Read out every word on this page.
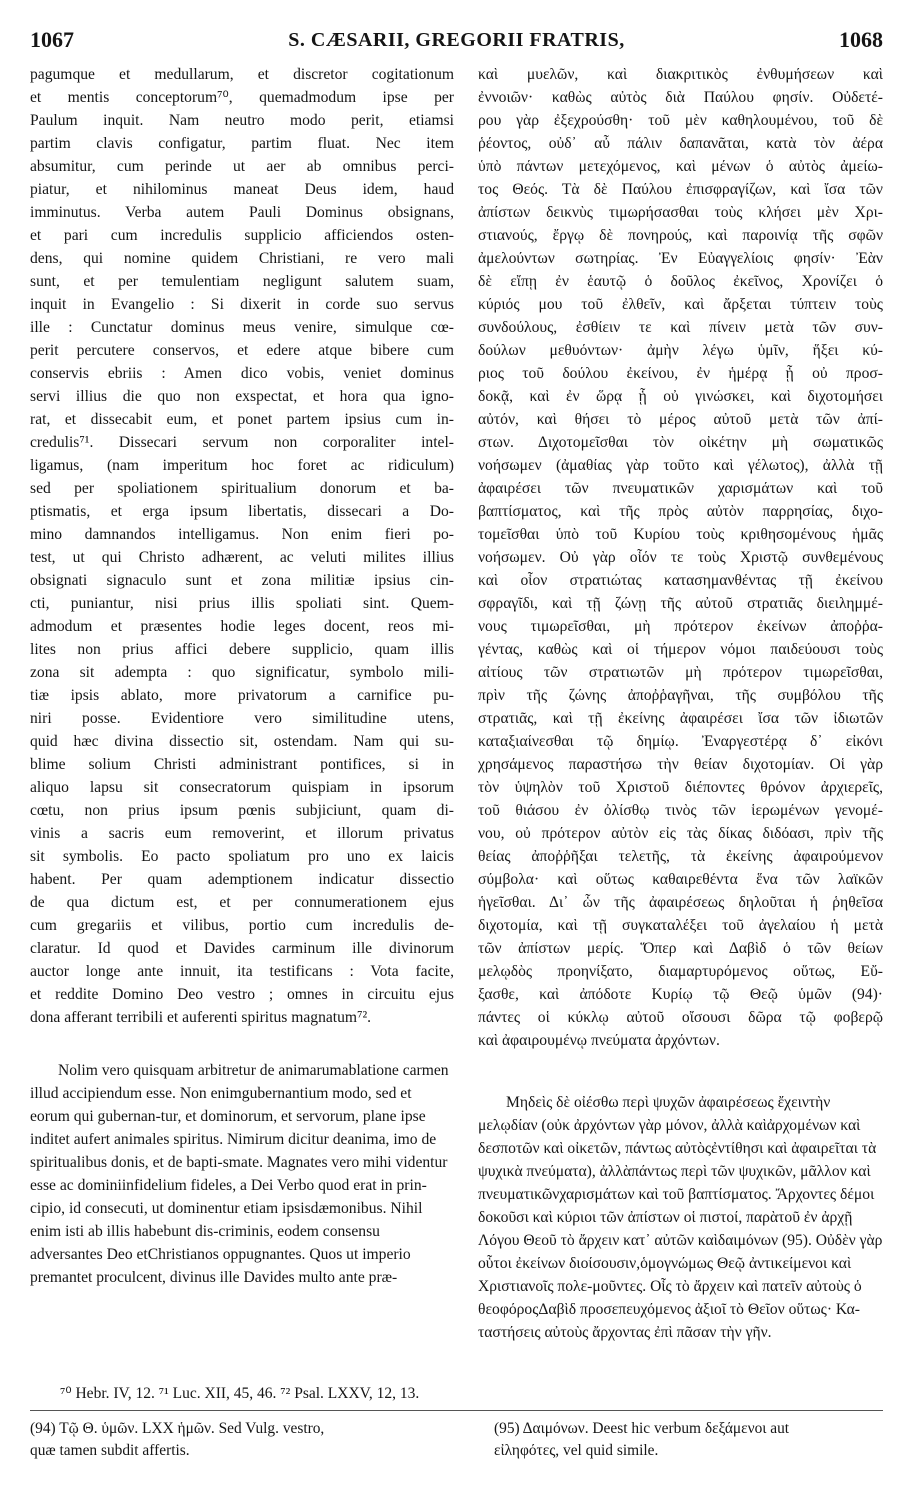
1067	S. CÆSARII, GREGORII FRATRIS,	1068

pagumque et medullarum, et discretor cogitationum
et mentis conceptorum⁷⁰, quemadmodum ipse per
Paulum inquit. Nam neutro modo perit, etiamsi
partim clavis configatur, partim fluat. Nec item
absumitur, cum perinde ut aer ab omnibus perci-
piatur, et nihilominus maneat Deus idem, haud
imminutus. Verba autem Pauli Dominus obsignans,
et pari cum incredulis supplicio afficiendos osten-
dens, qui nomine quidem Christiani, re vero mali
sunt, et per temulentiam negligunt salutem suam,
inquit in Evangelio : Si dixerit in corde suo servus
ille : Cunctatur dominus meus venire, simulque cœ-
perit percutere conservos, et edere atque bibere cum
conservis ebriis : Amen dico vobis, veniet dominus
servi illius die quo non exspectat, et hora qua igno-
rat, et dissecabit eum, et ponet partem ipsius cum in-
credulis⁷¹. Dissecari servum non corporaliter intel-
ligamus, (nam imperitum hoc foret ac ridiculum)
sed per spoliationem spiritualium donorum et ba-
ptismatis, et erga ipsum libertatis, dissecari a Do-
mino damnandos intelligamus. Non enim fieri po-
test, ut qui Christo adhærent, ac veluti milites illius
obsignati signaculo sunt et zona militiæ ipsius cin-
cti, puniantur, nisi prius illis spoliati sint. Quem-
admodum et præsentes hodie leges docent, reos mi-
lites non prius affici debere supplicio, quam illis
zona sit adempta : quo significatur, symbolo mili-
tiæ ipsis ablato, more privatorum a carnifice pu-
niri posse. Evidentiore vero similitudine utens,
quid hæc divina dissectio sit, ostendam. Nam qui su-
blime solium Christi administrant pontifices, si in
aliquo lapsu sit consecratorum quispiam in ipsorum
cœtu, non prius ipsum pœnis subjiciunt, quam di-
vinis a sacris eum removerint, et illorum privatus
sit symbolis. Eo pacto spoliatum pro uno ex laicis
habent. Per quam ademptionem indicatur dissectio
de qua dictum est, et per connumerationem ejus
cum gregariis et vilibus, portio cum incredulis de-
claratur. Id quod et Davides carminum ille divinorum
auctor longe ante innuit, ita testificans : Vota facite,
et reddite Domino Deo vestro ; omnes in circuitu ejus
dona afferant terribili et auferenti spiritus magnatum⁷².

Nolim vero quisquam arbitretur de animarumablatione carmen illud accipiendum esse. Non enimgubernantium modo, sed et eorum qui gubernan-tur, et dominorum, et servorum, plane ipse inditet aufert animales spiritus. Nimirum dicitur deanima, imo de spiritualibus donis, et de bapti-smate. Magnates vero mihi videntur esse ac dominiinfidelium fideles, a Dei Verbo quod erat in prin-cipio, id consecuti, ut dominentur etiam ipsisdæmonibus. Nihil enim isti ab illis habebunt dis-criminis, eodem consensu adversantes Deo etChristianos oppugnantes. Quos ut imperio premantet proculcent, divinus ille Davides multo ante præ-

καὶ μυελῶν, καὶ διακριτικὸς ἐνθυμήσεων καὶ
ἐννοιῶν· καθὼς αὐτὸς διὰ Παύλου φησίν. Οὐδετέ-
ρου γὰρ ἐξεχρούσθη· τοῦ μὲν καθηλουμένου, τοῦ δὲ
ῥέοντος, οὐδ᾽ αὖ πάλιν δαπανᾶται, κατὰ τὸν ἀέρα
ὑπὸ πάντων μετεχόμενος, καὶ μένων ὁ αὐτὸς ἀμείω-
τος Θεός. Τὰ δὲ Παύλου ἐπισφραγίζων, καὶ ἴσα τῶν
ἀπίστων δεικνὺς τιμωρήσασθαι τοὺς κλήσει μὲν Χρι-
στιανούς, ἔργῳ δὲ πονηρούς, καὶ παροινίᾳ τῆς σφῶν
ἀμελούντων σωτηρίας. Ἐν Εὐαγγελίοις φησίν· Ἐὰν
δὲ εἴπῃ ἐν ἑαυτῷ ὁ δοῦλος ἐκεῖνος, Χρονίζει ὁ
κύριός μου τοῦ ἐλθεῖν, καὶ ἄρξεται τύπτειν τοὺς
συνδούλους, ἐσθίειν τε καὶ πίνειν μετὰ τῶν συν-
δούλων μεθυόντων· ἀμὴν λέγω ὑμῖν, ἥξει κύ-
ριος τοῦ δούλου ἐκείνου, ἐν ἡμέρᾳ ᾗ οὐ προσ-
δοκᾷ, καὶ ἐν ὥρᾳ ᾗ οὐ γινώσκει, καὶ διχοτομήσει
αὐτόν, καὶ θήσει τὸ μέρος αὐτοῦ μετὰ τῶν ἀπί-
στων. Διχοτομεῖσθαι τὸν οἰκέτην μὴ σωματικῶς
νοήσωμεν (ἀμαθίας γὰρ τοῦτο καὶ γέλωτος), ἀλλὰ τῇ
ἀφαιρέσει τῶν πνευματικῶν χαρισμάτων καὶ τοῦ
βαπτίσματος, καὶ τῆς πρὸς αὐτὸν παρρησίας, διχο-
τομεῖσθαι ὑπὸ τοῦ Κυρίου τοὺς κριθησομένους ἡμᾶς
νοήσωμεν. Οὐ γὰρ οἷόν τε τοὺς Χριστῷ συνθεμένους
καὶ οἷον στρατιώτας κατασημανθέντας τῇ ἐκείνου
σφραγῖδι, καὶ τῇ ζώνῃ τῆς αὐτοῦ στρατιᾶς διειλημμέ-
νους τιμωρεῖσθαι, μὴ πρότερον ἐκείνων ἀποῤῥα-
γέντας, καθὼς καὶ οἱ τήμερον νόμοι παιδεύουσι τοὺς
αἰτίους τῶν στρατιωτῶν μὴ πρότερον τιμωρεῖσθαι,
πρὶν τῆς ζώνης ἀποῤῥαγῆναι, τῆς συμβόλου τῆς
στρατιᾶς, καὶ τῇ ἐκείνης ἀφαιρέσει ἴσα τῶν ἰδιωτῶν
καταξιαίνεσθαι τῷ δημίῳ. Ἐναργεστέρᾳ δ᾽ εἰκόνι
χρησάμενος παραστήσω τὴν θείαν διχοτομίαν. Οἱ γὰρ
τὸν ὑψηλὸν τοῦ Χριστοῦ διέποντες θρόνον ἀρχιερεῖς,
τοῦ θιάσου ἐν ὀλίσθῳ τινὸς τῶν ἱερωμένων γενομέ-
νου, οὐ πρότερον αὐτὸν εἰς τὰς δίκας διδόασι, πρὶν τῆς
θείας ἀποῤῥῆξαι τελετῆς, τὰ ἐκείνης ἀφαιρούμενον
σύμβολα· καὶ οὕτως καθαιρεθέντα ἕνα τῶν λαϊκῶν
ἡγεῖσθαι. Δι᾽ ὧν τῆς ἀφαιρέσεως δηλοῦται ἡ ῥηθεῖσα
διχοτομία, καὶ τῇ συγκαταλέξει τοῦ ἀγελαίου ἡ μετὰ
τῶν ἀπίστων μερίς. Ὅπερ καὶ Δαβὶδ ὁ τῶν θείων
μελῳδὸς προηνίξατο, διαμαρτυρόμενος οὕτως, Εὔ-
ξασθε, καὶ ἀπόδοτε Κυρίῳ τῷ Θεῷ ὑμῶν (94)·
πάντες οἱ κύκλῳ αὐτοῦ οἴσουσι δῶρα τῷ φοβερῷ
καὶ ἀφαιρουμένῳ πνεύματα ἀρχόντων.

Μηδεὶς δὲ οἰέσθω περὶ ψυχῶν ἀφαιρέσεως ἔχειντὴν μελῳδίαν (οὐκ ἀρχόντων γὰρ μόνον, ἀλλὰ καὶἀρχομένων καὶ δεσποτῶν καὶ οἰκετῶν, πάντως αὐτὸςἐντίθησι καὶ ἀφαιρεῖται τὰ ψυχικὰ πνεύματα), ἀλλὰπάντως περὶ τῶν ψυχικῶν, μᾶλλον καὶ πνευματικῶνχαρισμάτων καὶ τοῦ βαπτίσματος. Ἄρχοντες δέμοι δοκοῦσι καὶ κύριοι τῶν ἀπίστων οἱ πιστοί, παρὰτοῦ ἐν ἀρχῇ Λόγου Θεοῦ τὸ ἄρχειν κατ᾽ αὐτῶν καὶδαιμόνων (95). Οὐδὲν γὰρ οὗτοι ἐκείνων διοίσουσιν,ὁμογνώμως Θεῷ ἀντικείμενοι καὶ Χριστιανοῖς πολε-μοῦντες. Οἷς τὸ ἄρχειν καὶ πατεῖν αὐτοὺς ὁ θεοφόροςΔαβὶδ προσεπευχόμενος ἀξιοῖ τὸ Θεῖον οὕτως· Κα-ταστήσεις αὐτοὺς ἄρχοντας ἐπὶ πᾶσαν τὴν γῆν.

⁷⁰ Hebr. IV, 12. ⁷¹ Luc. XII, 45, 46. ⁷² Psal. LXXV, 12, 13.

(94) Τῷ Θ. ὑμῶν. LXX ἡμῶν. Sed Vulg. vestro,

quæ tamen subdit affertis.

(95) Δαιμόνων. Deest hic verbum δεξάμενοι aut

εἰληφότες, vel quid simile.
